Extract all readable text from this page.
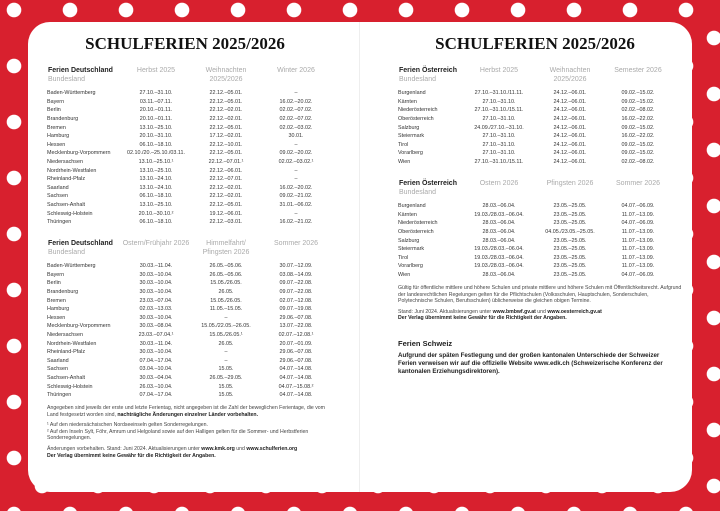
SCHULFERIEN 2025/2026	SCHULFERIEN 2025/2026
Ferien Deutschland
Bundesland	Herbst 2025	Weihnachten 2025/2026	Winter 2026
Baden-Württemberg	27.10.–31.10.	22.12.–05.01.	–
Bayern	03.11.–07.11.	22.12.–05.01.	16.02.–20.02.
Berlin	20.10.–01.11.	22.12.–02.01.	02.02.–07.02.
Brandenburg	20.10.–01.11.	22.12.–02.01.	02.02.–07.02.
Bremen	13.10.–25.10.	22.12.–05.01.	02.02.–03.02.
Hamburg	20.10.–31.10.	17.12.–02.01.	30.01.
Hessen	06.10.–18.10.	22.12.–10.01.	–
Mecklenburg-Vorpommern	02.10./20.–25.10./03.11.	22.12.–05.01.	09.02.–20.02.
Niedersachsen	13.10.–25.10.¹	22.12.–07.01.¹	02.02.–03.02.¹
Nordrhein-Westfalen	13.10.–25.10.	22.12.–06.01.	–
Rheinland-Pfalz	13.10.–24.10.	22.12.–07.01.	–
Saarland	13.10.–24.10.	22.12.–02.01.	16.02.–20.02.
Sachsen	06.10.–18.10.	22.12.–02.01.	09.02.–21.02.
Sachsen-Anhalt	13.10.–25.10.	22.12.–05.01.	31.01.–06.02.
Schleswig-Holstein	20.10.–30.10.²	19.12.–06.01.	–
Thüringen	06.10.–18.10.	22.12.–03.01.	16.02.–21.02.
Ferien Deutschland
Bundesland	Ostern/Frühjahr 2026	Himmelfahrt/ Pfingsten 2026	Sommer 2026
Baden-Württemberg	30.03.–11.04.	26.05.–05.06.	30.07.–12.09.
Bayern	30.03.–10.04.	26.05.–05.06.	03.08.–14.09.
Berlin	30.03.–10.04.	15.05./26.05.	09.07.–22.08.
Brandenburg	30.03.–10.04.	26.05.	09.07.–22.08.
Bremen	23.03.–07.04.	15.05./26.05.	02.07.–12.08.
Hamburg	02.03.–13.03.	11.05.–15.05.	09.07.–19.08.
Hessen	30.03.–10.04.	–	29.06.–07.08.
Mecklenburg-Vorpommern	30.03.–08.04.	15.05./22.05.–26.05.	13.07.–22.08.
Niedersachsen	23.03.–07.04.¹	15.05./26.05.¹	02.07.–12.08.¹
Nordrhein-Westfalen	30.03.–11.04.	26.05.	20.07.–01.09.
Rheinland-Pfalz	30.03.–10.04.	–	29.06.–07.08.
Saarland	07.04.–17.04.	–	29.06.–07.08.
Sachsen	03.04.–10.04.	15.05.	04.07.–14.08.
Sachsen-Anhalt	30.03.–04.04.	26.05.–29.05.	04.07.–14.08.
Schleswig-Holstein	26.03.–10.04.	15.05.	04.07.–15.08.²
Thüringen	07.04.–17.04.	15.05.	04.07.–14.08.

Angegeben sind jeweils der erste und letzte Ferientag, nicht angegeben ist die Zahl der beweglichen Ferientage, die vom Land festgesetzt worden sind, nachträgliche Änderungen einzelner Länder vorbehalten.

¹ Auf den niedersächsischen Nordseeinseln gelten Sonderregelungen.
² Auf den Inseln Sylt, Föhr, Amrum und Helgoland sowie auf den Halligen gelten für die Sommer- und Herbstferien Sonderregelungen.

Änderungen vorbehalten. Stand: Juni 2024. Aktualisierungen unter www.kmk.org und www.schulferien.org
Der Verlag übernimmt keine Gewähr für die Richtigkeit der Angaben.

Ferien Österreich
Bundesland	Herbst 2025	Weihnachten 2025/2026	Semester 2026
Burgenland	27.10.–31.10./11.11.	24.12.–06.01.	09.02.–15.02.
Kärnten	27.10.–31.10.	24.12.–06.01.	09.02.–15.02.
Niederösterreich	27.10.–31.10./15.11.	24.12.–06.01.	02.02.–08.02.
Oberösterreich	27.10.–31.10.	24.12.–06.01.	16.02.–22.02.
Salzburg	24.09./27.10.–31.10.	24.12.–06.01.	09.02.–15.02.
Steiermark	27.10.–31.10.	24.12.–06.01.	16.02.–22.02.
Tirol	27.10.–31.10.	24.12.–06.01.	09.02.–15.02.
Vorarlberg	27.10.–31.10.	24.12.–06.01.	09.02.–15.02.
Wien	27.10.–31.10./15.11.	24.12.–06.01.	02.02.–08.02.
Ferien Österreich
Bundesland	Ostern 2026	Pfingsten 2026	Sommer 2026
Burgenland	28.03.–06.04.	23.05.–25.05.	04.07.–06.09.
Kärnten	19.03./28.03.–06.04.	23.05.–25.05.	11.07.–13.09.
Niederösterreich	28.03.–06.04.	23.05.–25.05.	04.07.–06.09.
Oberösterreich	28.03.–06.04.	04.05./23.05.–25.05.	11.07.–13.09.
Salzburg	28.03.–06.04.	23.05.–25.05.	11.07.–13.09.
Steiermark	19.03./28.03.–06.04.	23.05.–25.05.	11.07.–13.09.
Tirol	19.03./28.03.–06.04.	23.05.–25.05.	11.07.–13.09.
Vorarlberg	19.03./28.03.–06.04.	23.05.–25.05.	11.07.–13.09.
Wien	28.03.–06.04.	23.05.–25.05.	04.07.–06.09.

Gültig für öffentliche mittlere und höhere Schulen und private mittlere und höhere Schulen mit Öffentlichkeitsrecht. Aufgrund der landesrechtlichen Regelungen gelten für die Pflichtschulen (Volksschulen, Hauptschulen, Sonderschulen, Polytechnische Schulen, Berufsschulen) üblicherweise die gleichen obigen Termine.

Stand: Juni 2024. Aktualisierungen unter www.bmbwf.gv.at und www.oesterreich.gv.at
Der Verlag übernimmt keine Gewähr für die Richtigkeit der Angaben.

Ferien Schweiz

Aufgrund der späten Festlegung und der großen kantonalen Unterschiede der Schweizer Ferien verweisen wir auf die offizielle Website www.edk.ch (Schweizerische Konferenz der kantonalen Erziehungsdirektoren).
